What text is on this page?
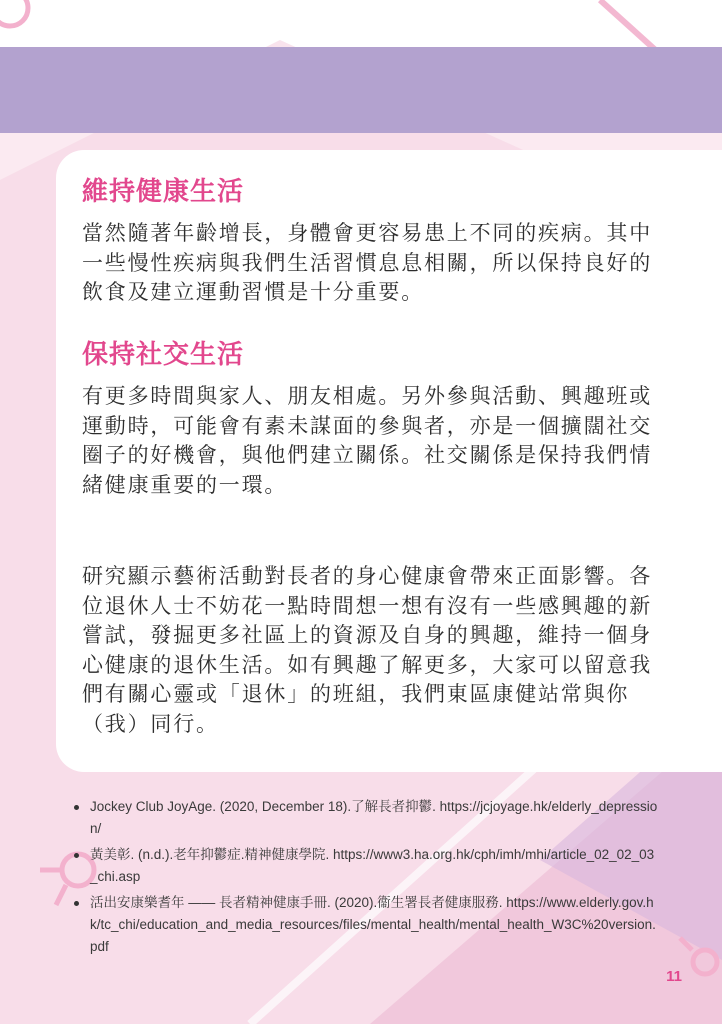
維持健康生活

當然隨著年齡增長，身體會更容易患上不同的疾病。其中一些慢性疾病與我們生活習慣息息相關，所以保持良好的飲食及建立運動習慣是十分重要。

保持社交生活

有更多時間與家人、朋友相處。另外參與活動、興趣班或運動時，可能會有素未謀面的參與者，亦是一個擴闊社交圈子的好機會，與他們建立關係。社交關係是保持我們情緒健康重要的一環。

研究顯示藝術活動對長者的身心健康會帶來正面影響。各位退休人士不妨花一點時間想一想有沒有一些感興趣的新嘗試，發掘更多社區上的資源及自身的興趣，維持一個身心健康的退休生活。如有興趣了解更多，大家可以留意我們有關心靈或「退休」的班組，我們東區康健站常與你（我）同行。

Jockey Club JoyAge. (2020, December 18).了解長者抑鬱. https://jcjoyage.hk/elderly_depression/
黃美彰. (n.d.).老年抑鬱症.精神健康學院. https://www3.ha.org.hk/cph/imh/mhi/article_02_02_03_chi.asp
活出安康樂耆年 —— 長者精神健康手冊. (2020).衞生署長者健康服務. https://www.elderly.gov.hk/tc_chi/education_and_media_resources/files/mental_health/mental_health_W3C%20version.pdf
11
